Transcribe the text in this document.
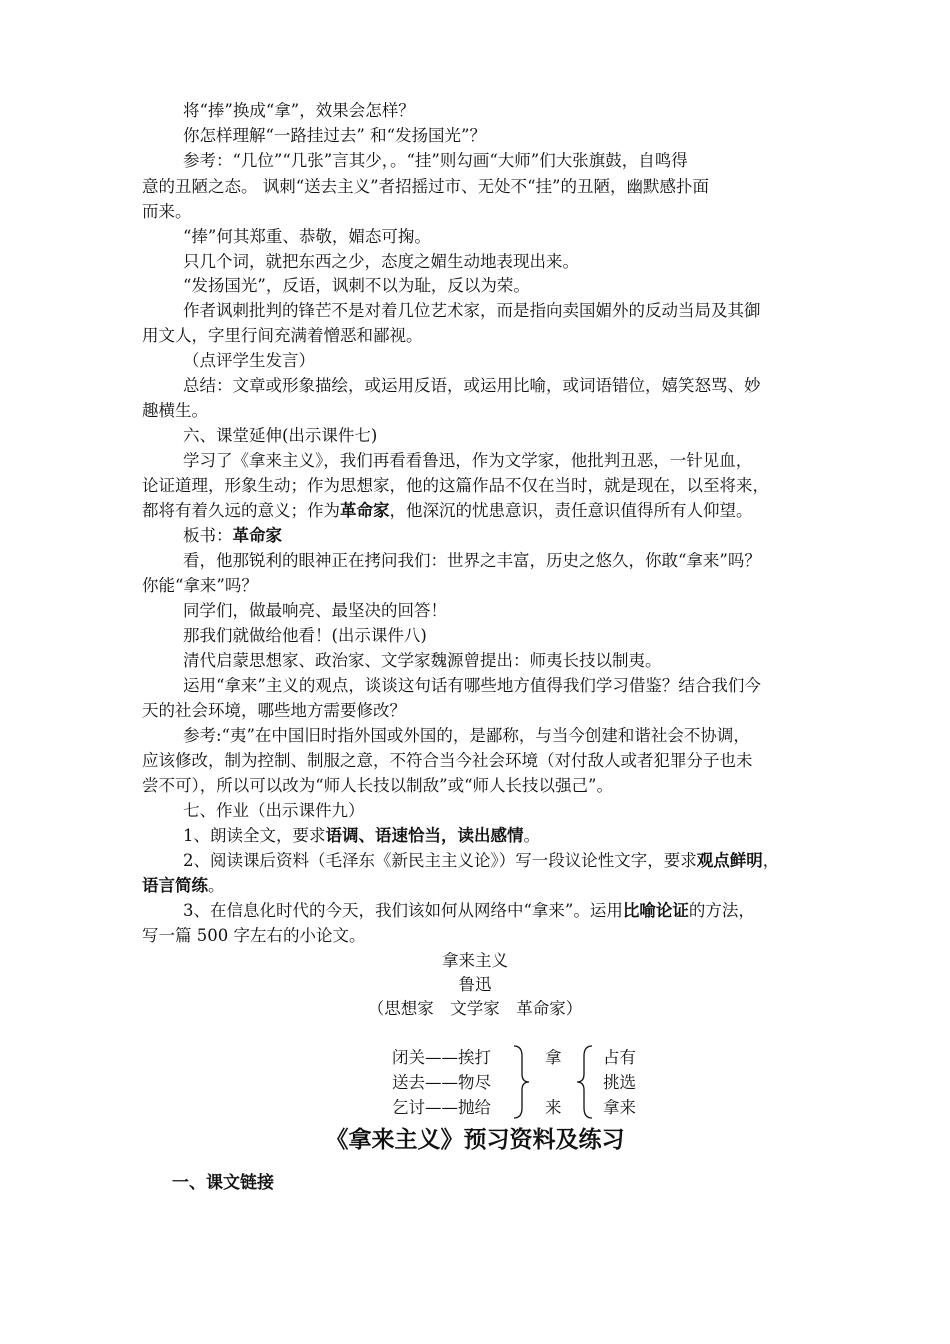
将“捧”换成“拿”，效果会怎样？
你怎样理解“一路挂过去” 和“发扬国光”？
参考：“几位”“几张”言其少，。“挂”则勾画“大师”们大张旗鼓，自鸣得
意的丑陋之态。 讽刺“送去主义”者招摇过市、无处不“挂”的丑陋，幽默感扑面
而来。
“捧”何其郑重、恭敬，媚态可掬。
只几个词，就把东西之少，态度之媚生动地表现出来。
“发扬国光”，反语，讽刺不以为耻，反以为荣。
作者讽刺批判的锋芒不是对着几位艺术家，而是指向卖国媚外的反动当局及其御
用文人，字里行间充满着憎恶和鄙视。
（点评学生发言）
总结：文章或形象描绘，或运用反语，或运用比喻，或词语错位，嬉笑怒骂、妙
趣横生。
六、课堂延伸(出示课件七)
学习了《拿来主义》，我们再看看鲁迅，作为文学家，他批判丑恶，一针见血，
论证道理，形象生动；作为思想家，他的这篇作品不仅在当时，就是现在，以至将来，
都将有着久远的意义；作为革命家，他深沉的忧患意识，责任意识值得所有人仰望。
板书：革命家
看，他那锐利的眼神正在拷问我们：世界之丰富，历史之悠久，你敢“拿来”吗？
你能“拿来”吗？
同学们，做最响亮、最坚决的回答！
那我们就做给他看！(出示课件八)
清代启蒙思想家、政治家、文学家魏源曾提出：师夷长技以制夷。
运用“拿来”主义的观点，谈谈这句话有哪些地方值得我们学习借鉴？结合我们今
天的社会环境，哪些地方需要修改？
参考:“夷”在中国旧时指外国或外国的，是鄙称，与当今创建和谐社会不协调，
应该修改，制为控制、制服之意，不符合当今社会环境（对付敌人或者犯罪分子也未
尝不可），所以可以改为“师人长技以制敌”或“师人长技以强己”。
七、作业（出示课件九）
1、朗读全文，要求语调、语速恰当，读出感情。
2、阅读课后资料（毛泽东《新民主主义论》）写一段议论性文字，要求观点鲜明，
语言简练。
3、在信息化时代的今天，我们该如何从网络中“拿来”。运用比喻论证的方法，
写一篇 500 字左右的小论文。
拿来主义
鲁迅
（思想家　文学家　革命家）
闭关——挨打
送去——物尽
乞讨——抛给
拿
来
占有
挑选
拿来
《拿来主义》预习资料及练习
一、课文链接
